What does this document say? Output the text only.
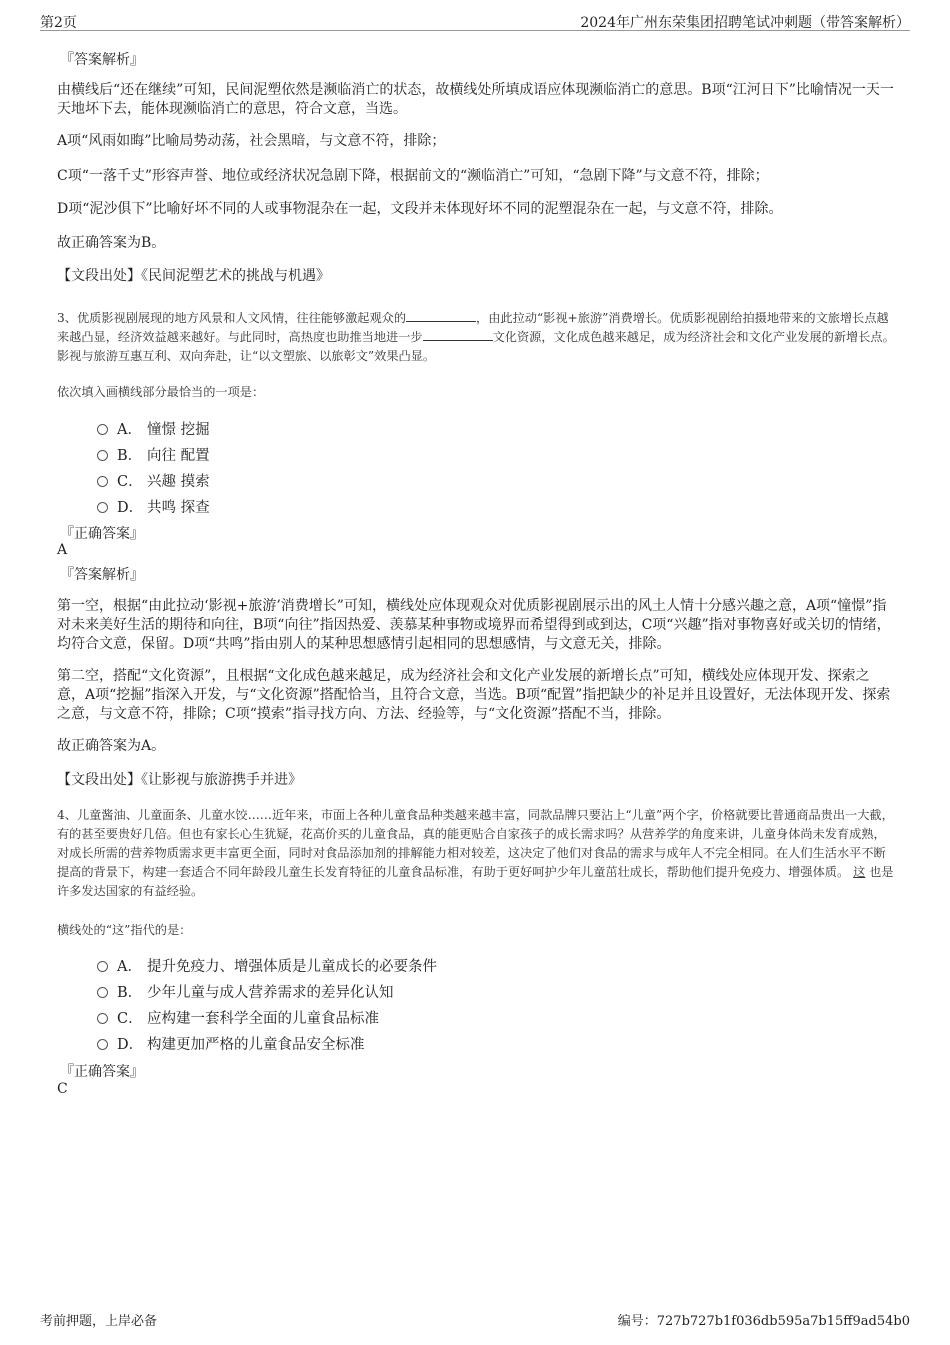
第2页	2024年广州东荣集团招聘笔试冲刺题（带答案解析）
『答案解析』
由横线后“还在继续”可知，民间泥塑依然是濒临消亡的状态，故横线处所填成语应体现濒临消亡的意思。B项“江河日下”比喻情况一天一天地坏下去，能体现濒临消亡的意思，符合文意，当选。
A项“风雨如晦”比喻局势动荡，社会黑暗，与文意不符，排除；
C项“一落千丈”形容声誉、地位或经济状况急剧下降，根据前文的“濒临消亡”可知，“急剧下降”与文意不符，排除；
D项“泥沙俱下”比喻好坏不同的人或事物混杂在一起，文段并未体现好坏不同的泥塑混杂在一起，与文意不符，排除。
故正确答案为B。
【文段出处】《民间泥塑艺术的挑战与机遇》
3、优质影视剧展现的地方风景和人文风情，往往能够激起观众的	，由此拉动“影视+旅游”消费增长。优质影视剧给拍摄地带来的文旅增长点越来越凸显，经济效益越来越好。与此同时，高热度也助推当地进一步	文化资源，文化成色越来越足，成为经济社会和文化产业发展的新增长点。影视与旅游互惠互利、双向奔赴，让“以文塑旅、以旅彰文”效果凸显。
依次填入画横线部分最恰当的一项是：
A． 憧憬 挖掘
B． 向往 配置
C． 兴趣 摸索
D． 共鸣 探查
『正确答案』
A
『答案解析』
第一空，根据“由此拉动‘影视+旅游’消费增长”可知，横线处应体现观众对优质影视剧展示出的风土人情十分感兴趣之意，A项“憧憬”指对未来美好生活的期待和向往，B项“向往”指因热爱、羡慕某种事物或境界而希望得到或到达，C项“兴趣”指对事物喜好或关切的情绪，均符合文意，保留。D项“共鸣”指由别人的某种思想感情引起相同的思想感情，与文意无关，排除。
第二空，搭配“文化资源”，且根据“文化成色越来越足，成为经济社会和文化产业发展的新增长点”可知，横线处应体现开发、探索之意，A项“挖掘”指深入开发，与“文化资源”搭配恰当，且符合文意，当选。B项“配置”指把缺少的补足并且设置好，无法体现开发、探索之意，与文意不符，排除；C项“摸索”指寻找方向、方法、经验等，与“文化资源”搭配不当，排除。
故正确答案为A。
【文段出处】《让影视与旅游携手并进》
4、儿童酱油、儿童面条、儿童水饺……近年来，市面上各种儿童食品种类越来越丰富，同款品牌只要沾上“儿童”两个字，价格就要比普通商品贵出一大截，有的甚至要贵好几倍。但也有家长心生犹疑，花高价买的儿童食品，真的能更贴合自家孩子的成长需求吗？从营养学的角度来讲，儿童身体尚未发育成熟，对成长所需的营养物质需求更丰富更全面，同时对食品添加剂的排解能力相对较差，这决定了他们对食品的需求与成年人不完全相同。在人们生活水平不断提高的背景下，构建一套适合不同年龄段儿童生长发育特征的儿童食品标准，有助于更好呵护少年儿童茁壮成长，帮助他们提升免疫力、增强体质。 这 也是许多发达国家的有益经验。
横线处的“这”指代的是：
A． 提升免疫力、增强体质是儿童成长的必要条件
B． 少年儿童与成人营养需求的差异化认知
C． 应构建一套科学全面的儿童食品标准
D． 构建更加严格的儿童食品安全标准
『正确答案』
C
考前押题，上岸必备	编号：727b727b1f036db595a7b15ff9ad54b0
